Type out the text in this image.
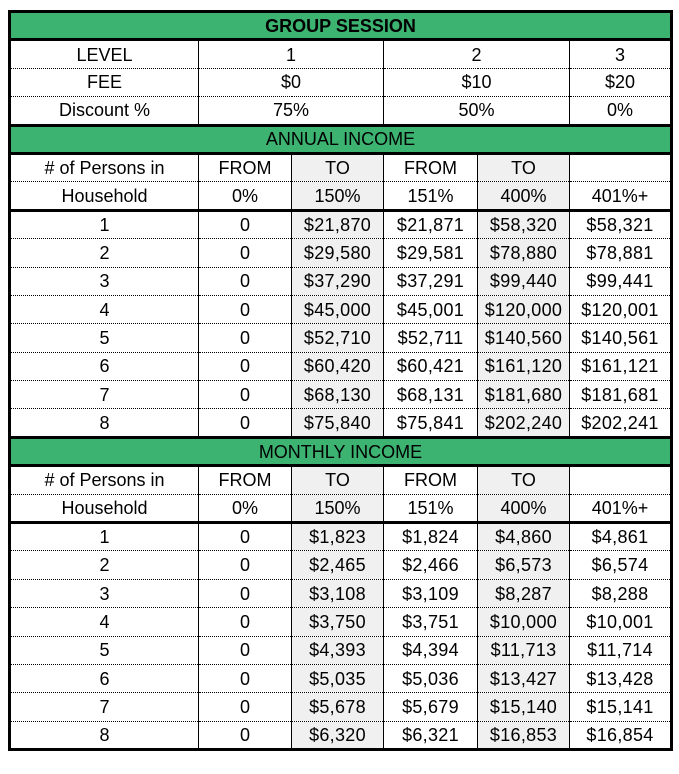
GROUP SESSION					
LEVEL	1		2		3
FEE	$0		$10		$20
Discount %	75%		50%		0%
ANNUAL INCOME					
# of Persons in	FROM	TO	FROM	TO	
Household	0%	150%	151%	400%	401%+
1	0	$21,870	$21,871	$58,320	$58,321
2	0	$29,580	$29,581	$78,880	$78,881
3	0	$37,290	$37,291	$99,440	$99,441
4	0	$45,000	$45,001	$120,000	$120,001
5	0	$52,710	$52,711	$140,560	$140,561
6	0	$60,420	$60,421	$161,120	$161,121
7	0	$68,130	$68,131	$181,680	$181,681
8	0	$75,840	$75,841	$202,240	$202,241
MONTHLY INCOME					
# of Persons in	FROM	TO	FROM	TO	
Household	0%	150%	151%	400%	401%+
1	0	$1,823	$1,824	$4,860	$4,861
2	0	$2,465	$2,466	$6,573	$6,574
3	0	$3,108	$3,109	$8,287	$8,288
4	0	$3,750	$3,751	$10,000	$10,001
5	0	$4,393	$4,394	$11,713	$11,714
6	0	$5,035	$5,036	$13,427	$13,428
7	0	$5,678	$5,679	$15,140	$15,141
8	0	$6,320	$6,321	$16,853	$16,854
